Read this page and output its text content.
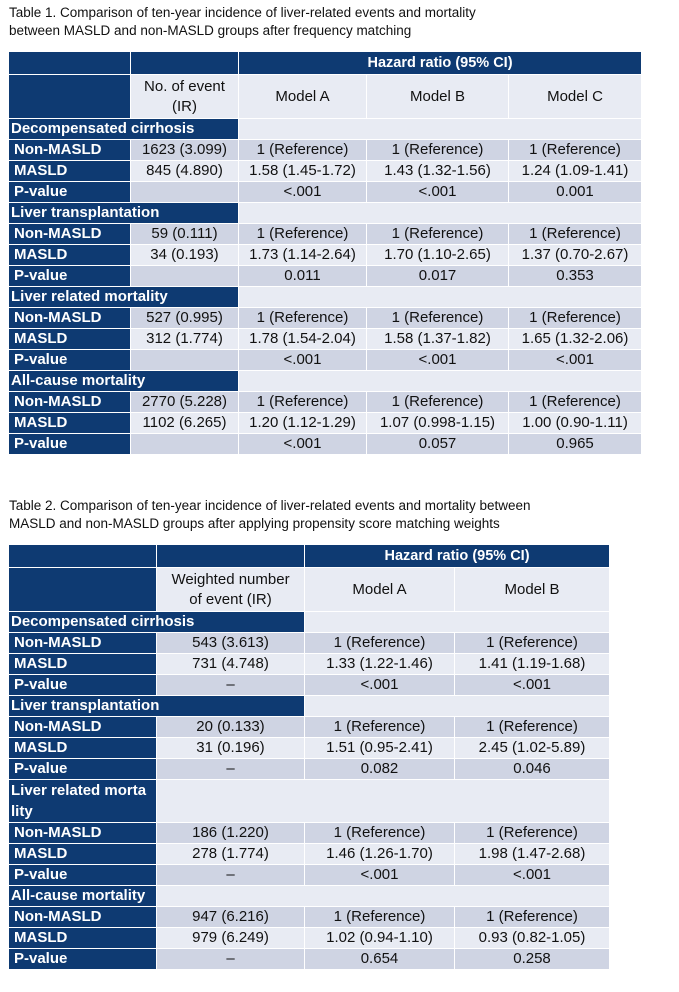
Table 1. Comparison of ten-year incidence of liver-related events and mortality
between MASLD and non-MASLD groups after frequency matching
		Hazard ratio (95% CI)		
	No. of event
(IR)	Model A	Model B	Model C
Decompensated cirrhosis				
Non-MASLD	1623 (3.099)	1 (Reference)	1 (Reference)	1 (Reference)
MASLD	845 (4.890)	1.58 (1.45-1.72)	1.43 (1.32-1.56)	1.24 (1.09-1.41)
P-value		<.001	<.001	0.001
Liver transplantation				
Non-MASLD	59 (0.111)	1 (Reference)	1 (Reference)	1 (Reference)
MASLD	34 (0.193)	1.73 (1.14-2.64)	1.70 (1.10-2.65)	1.37 (0.70-2.67)
P-value		0.011	0.017	0.353
Liver related mortality				
Non-MASLD	527 (0.995)	1 (Reference)	1 (Reference)	1 (Reference)
MASLD	312 (1.774)	1.78 (1.54-2.04)	1.58 (1.37-1.82)	1.65 (1.32-2.06)
P-value		<.001	<.001	<.001
All-cause mortality				
Non-MASLD	2770 (5.228)	1 (Reference)	1 (Reference)	1 (Reference)
MASLD	1102 (6.265)	1.20 (1.12-1.29)	1.07 (0.998-1.15)	1.00 (0.90-1.11)
P-value		<.001	0.057	0.965
Table 2. Comparison of ten-year incidence of liver-related events and mortality between
MASLD and non-MASLD groups after applying propensity score matching weights
		Hazard ratio (95% CI)	
	Weighted number
of event (IR)	Model A	Model B
Decompensated cirrhosis			
Non-MASLD	543 (3.613)	1 (Reference)	1 (Reference)
MASLD	731 (4.748)	1.33 (1.22-1.46)	1.41 (1.19-1.68)
P-value	–	<.001	<.001
Liver transplantation			
Non-MASLD	20 (0.133)	1 (Reference)	1 (Reference)
MASLD	31 (0.196)	1.51 (0.95-2.41)	2.45 (1.02-5.89)
P-value	–	0.082	0.046
Liver related morta
lity			
Non-MASLD	186 (1.220)	1 (Reference)	1 (Reference)
MASLD	278 (1.774)	1.46 (1.26-1.70)	1.98 (1.47-2.68)
P-value	–	<.001	<.001
All-cause mortality			
Non-MASLD	947 (6.216)	1 (Reference)	1 (Reference)
MASLD	979 (6.249)	1.02 (0.94-1.10)	0.93 (0.82-1.05)
P-value	–	0.654	0.258
